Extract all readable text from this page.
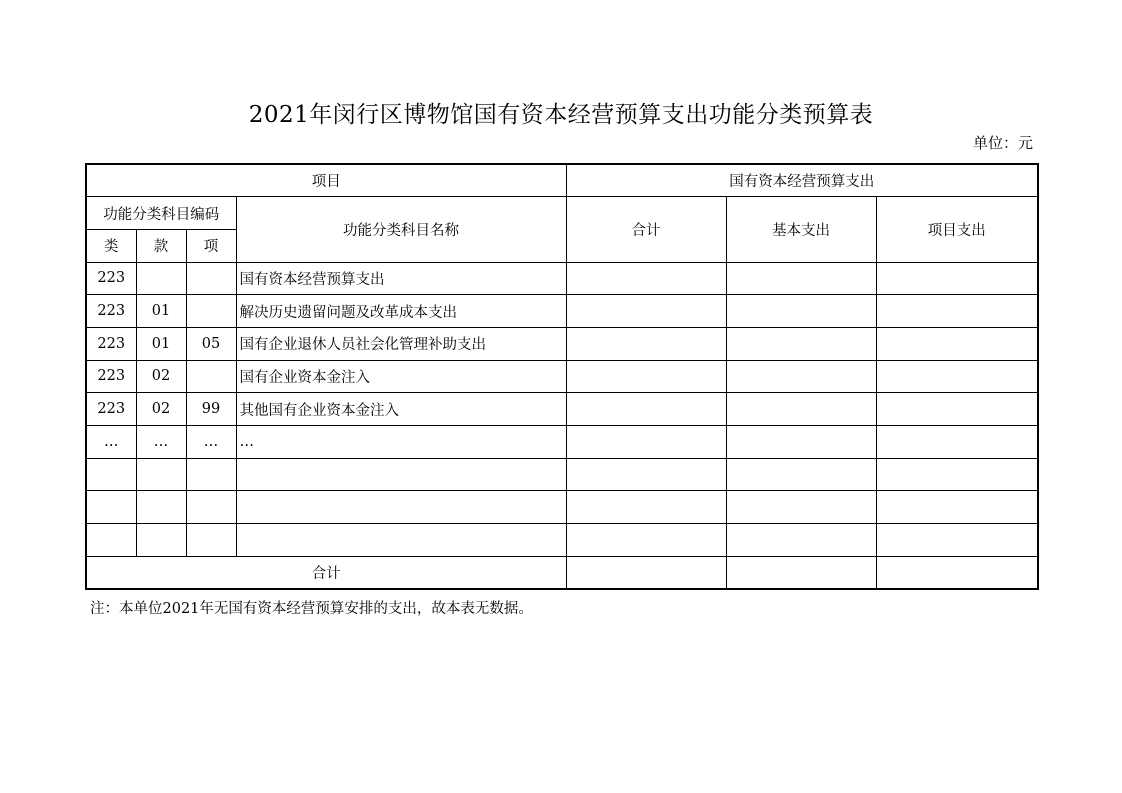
2021年闵行区博物馆国有资本经营预算支出功能分类预算表
单位：元
项目				国有资本经营预算支出		
功能分类科目编码			功能分类科目名称	合计	基本支出	项目支出
类	款	项				
223			国有资本经营预算支出			
223	01		解决历史遗留问题及改革成本支出			
223	01	05	国有企业退休人员社会化管理补助支出			
223	02		国有企业资本金注入			
223	02	99	其他国有企业资本金注入			
…	…	…	…			

合计						
注：本单位2021年无国有资本经营预算安排的支出，故本表无数据。
